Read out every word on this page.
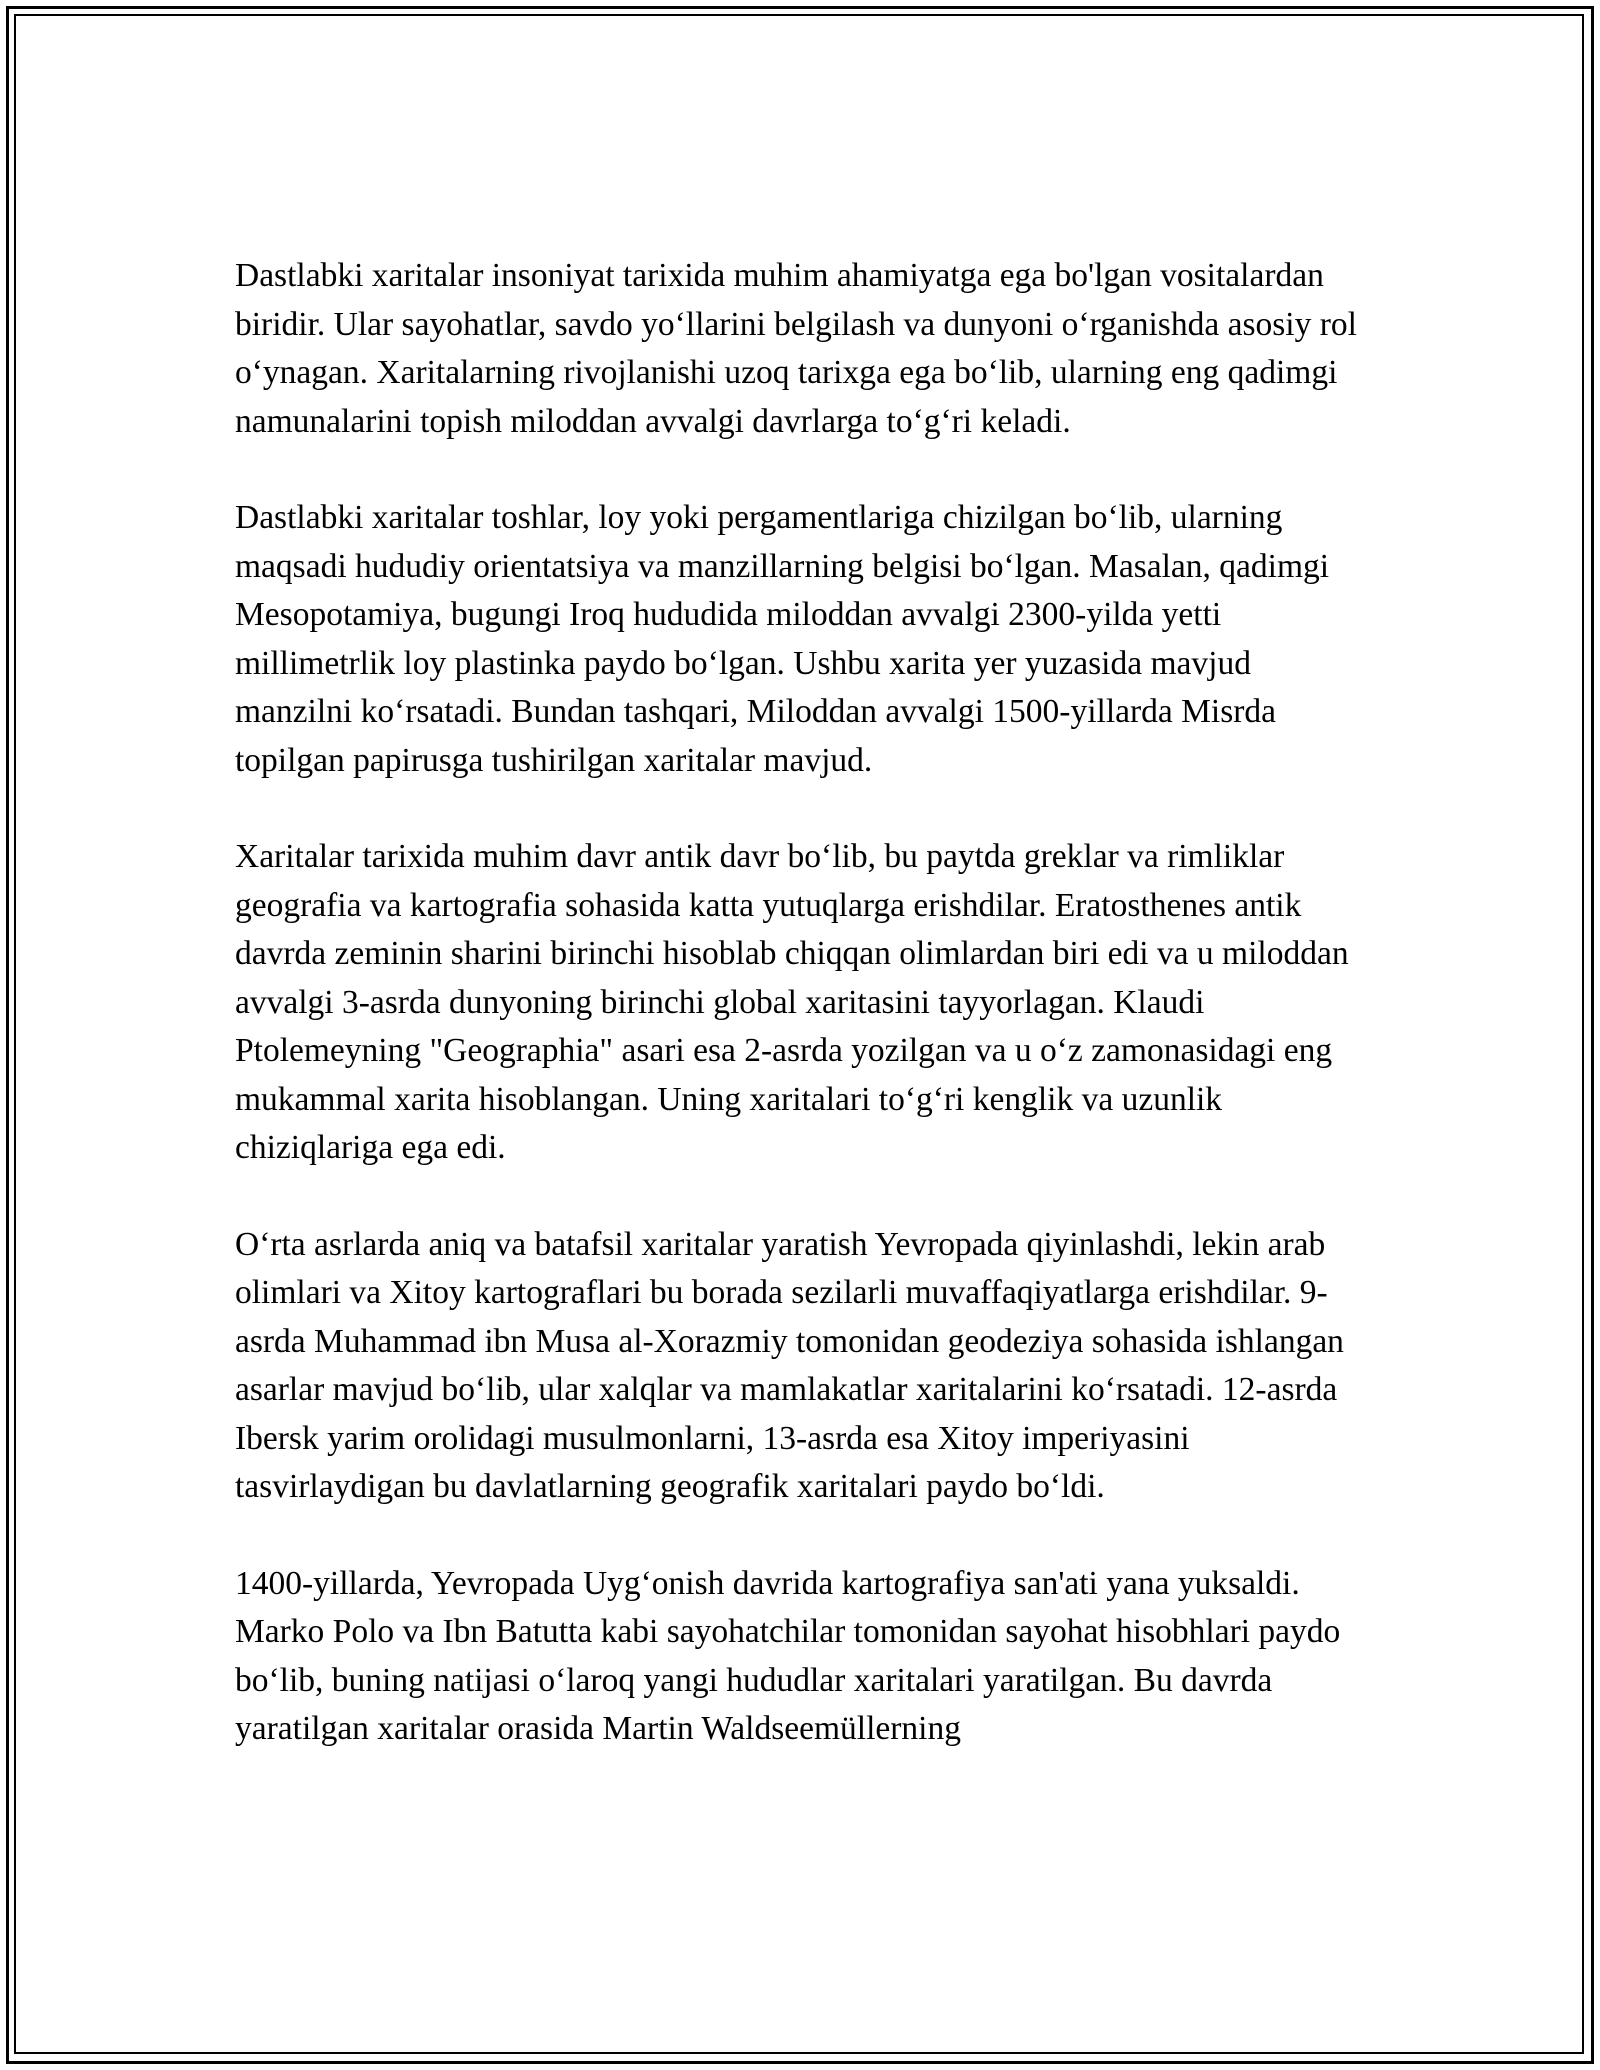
Dastlabki xaritalar insoniyat tarixida muhim ahamiyatga ega bo'lgan vositalardan biridir. Ular sayohatlar, savdo yo‘llarini belgilash va dunyoni o‘rganishda asosiy rol o‘ynagan. Xaritalarning rivojlanishi uzoq tarixga ega bo‘lib, ularning eng qadimgi namunalarini topish miloddan avvalgi davrlarga to‘g‘ri keladi.

Dastlabki xaritalar toshlar, loy yoki pergamentlariga chizilgan bo‘lib, ularning maqsadi hududiy orientatsiya va manzillarning belgisi bo‘lgan. Masalan, qadimgi Mesopotamiya, bugungi Iroq hududida miloddan avvalgi 2300-yilda yetti millimetrlik loy plastinka paydo bo‘lgan. Ushbu xarita yer yuzasida mavjud manzilni ko‘rsatadi. Bundan tashqari, Miloddan avvalgi 1500-yillarda Misrda topilgan papirusga tushirilgan xaritalar mavjud.

Xaritalar tarixida muhim davr antik davr bo‘lib, bu paytda greklar va rimliklar geografia va kartografia sohasida katta yutuqlarga erishdilar. Eratosthenes antik davrda zeminin sharini birinchi hisoblab chiqqan olimlardan biri edi va u miloddan avvalgi 3-asrda dunyoning birinchi global xaritasini tayyorlagan. Klaudi Ptolemeyning "Geographia" asari esa 2-asrda yozilgan va u o‘z zamonasidagi eng mukammal xarita hisoblangan. Uning xaritalari to‘g‘ri kenglik va uzunlik chiziqlariga ega edi.

O‘rta asrlarda aniq va batafsil xaritalar yaratish Yevropada qiyinlashdi, lekin arab olimlari va Xitoy kartograflari bu borada sezilarli muvaffaqiyatlarga erishdilar. 9-asrda Muhammad ibn Musa al-Xorazmiy tomonidan geodeziya sohasida ishlangan asarlar mavjud bo‘lib, ular xalqlar va mamlakatlar xaritalarini ko‘rsatadi. 12-asrda Ibersk yarim orolidagi musulmonlarni, 13-asrda esa Xitoy imperiyasini tasvirlaydigan bu davlatlarning geografik xaritalari paydo bo‘ldi.

1400-yillarda, Yevropada Uyg‘onish davrida kartografiya san'ati yana yuksaldi. Marko Polo va Ibn Batutta kabi sayohatchilar tomonidan sayohat hisobhlari paydo bo‘lib, buning natijasi o‘laroq yangi hududlar xaritalari yaratilgan. Bu davrda yaratilgan xaritalar orasida Martin Waldseemüllerning
